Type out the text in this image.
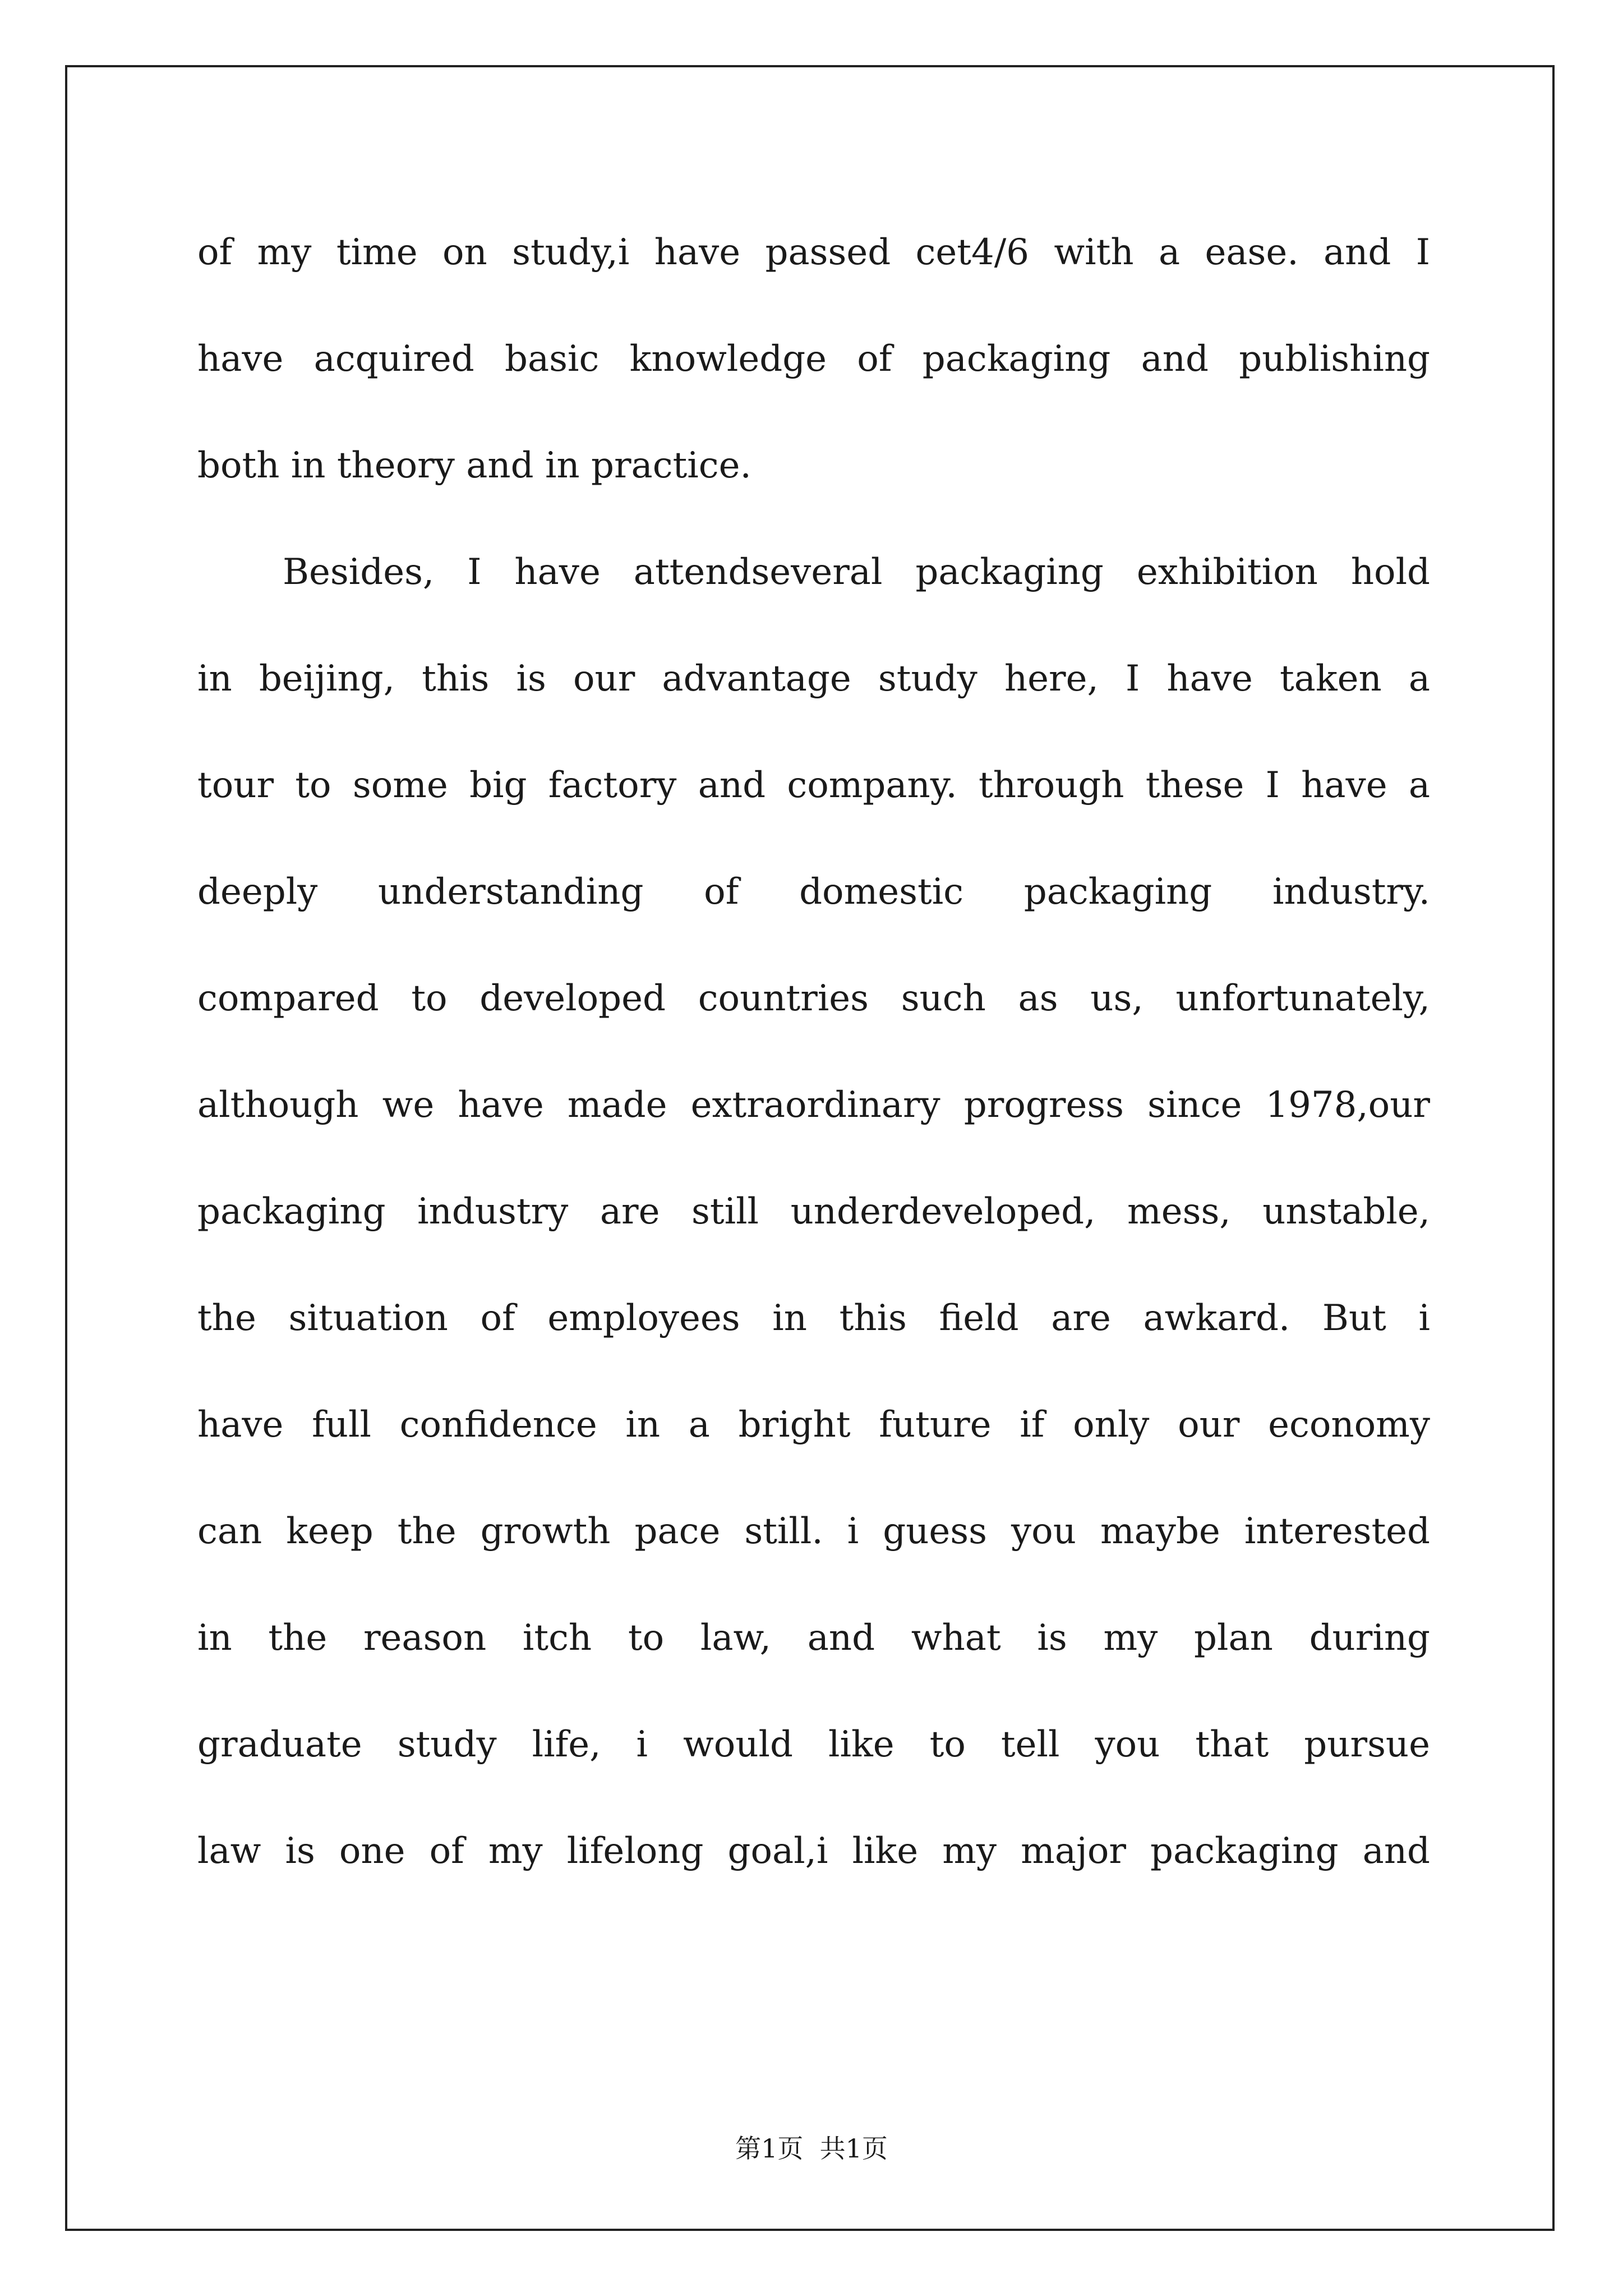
of my time on study,i have passed cet4/6 with a ease. and I
have acquired basic knowledge of packaging and publishing
both in theory and in practice.
Besides, I have attendseveral packaging exhibition hold
in beijing, this is our advantage study here, I have taken a
tour to some big factory and company. through these I have a
deeply understanding of domestic packaging industry.
compared to developed countries such as us, unfortunately,
although we have made extraordinary progress since 1978,our
packaging industry are still underdeveloped, mess, unstable,
the situation of employees in this field are awkard. But i
have full confidence in a bright future if only our economy
can keep the growth pace still. i guess you maybe interested
in the reason itch to law, and what is my plan during
graduate study life, i would like to tell you that pursue
law is one of my lifelong goal,i like my major packaging and
第1页  共1页
